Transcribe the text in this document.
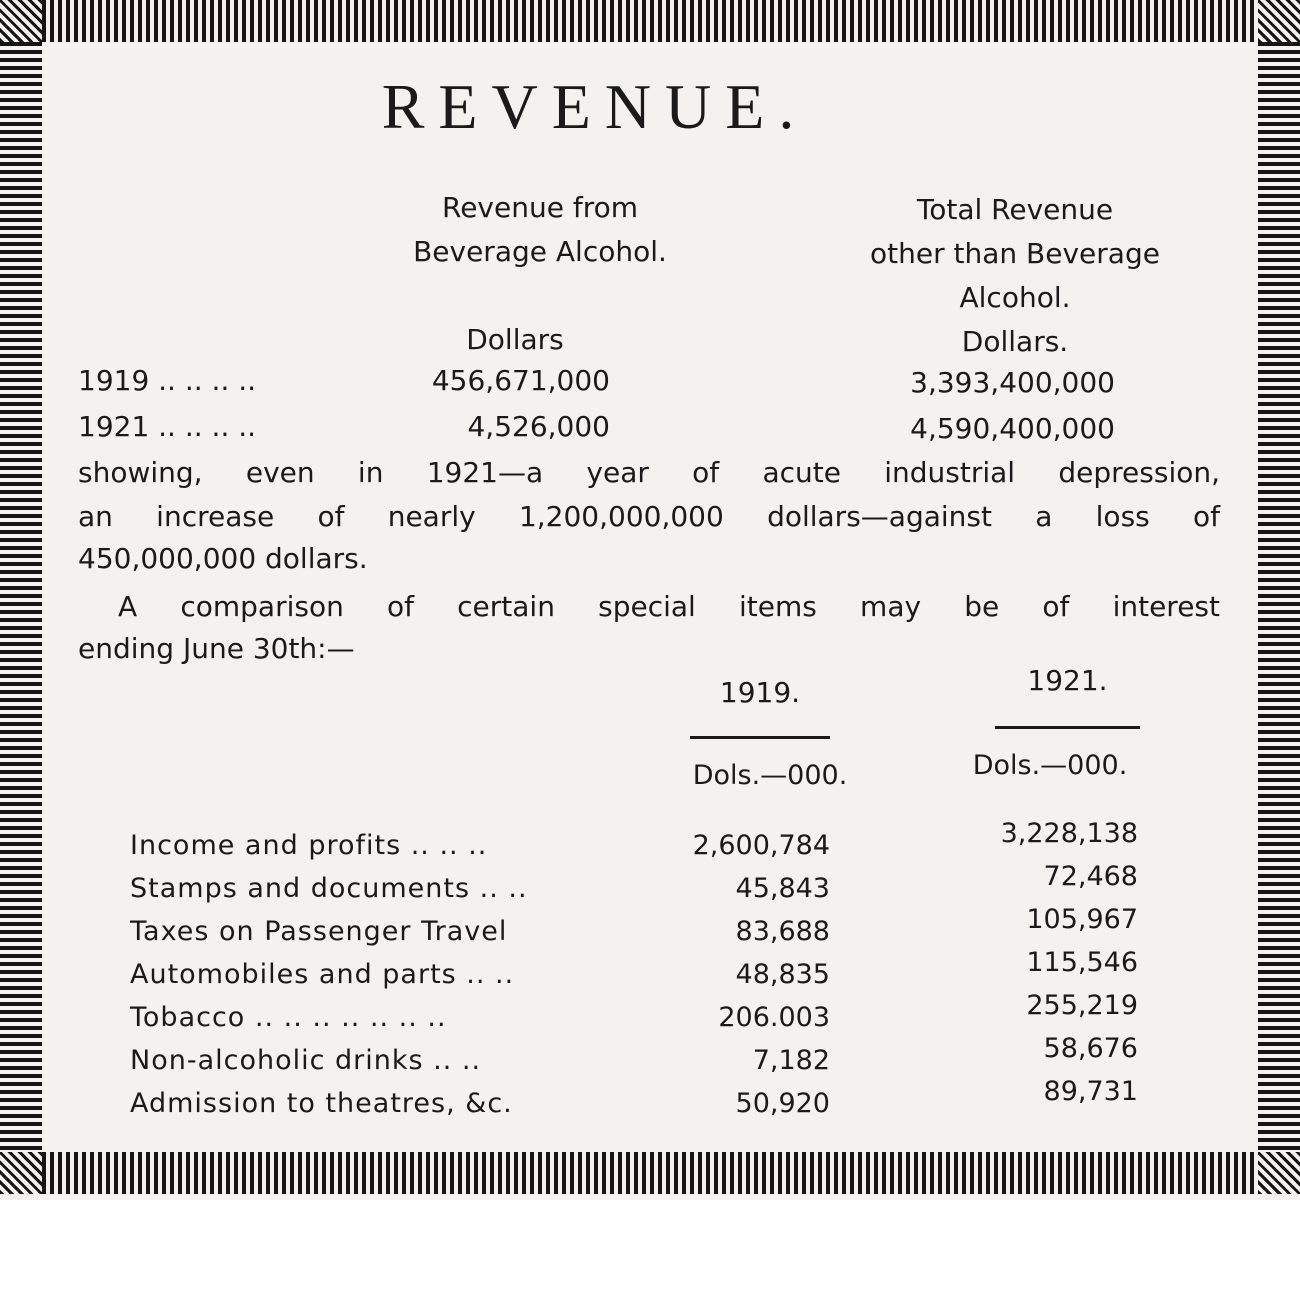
REVENUE.
Revenue from
Beverage Alcohol.
Total Revenue
other than Beverage
Alcohol.
Dollars	Dollars.
1919 .. .. .. ..	456,671,000	3,393,400,000
1921 .. .. .. ..	4,526,000	4,590,400,000
showing, even in 1921—a year of acute industrial depression,
an increase of nearly 1,200,000,000 dollars—against a loss of
450,000,000 dollars.
A comparison of certain special items may be of interest
ending June 30th:—
1919.	1921.
Dols.—000.	Dols.—000.
Income and profits .. .. ..	2,600,784	3,228,138
Stamps and documents .. ..	45,843	72,468
Taxes on Passenger Travel	83,688	105,967
Automobiles and parts .. ..	48,835	115,546
Tobacco .. .. .. .. .. .. ..	206.003	255,219
Non-alcoholic drinks .. ..	7,182	58,676
Admission to theatres, &c.	50,920	89,731
